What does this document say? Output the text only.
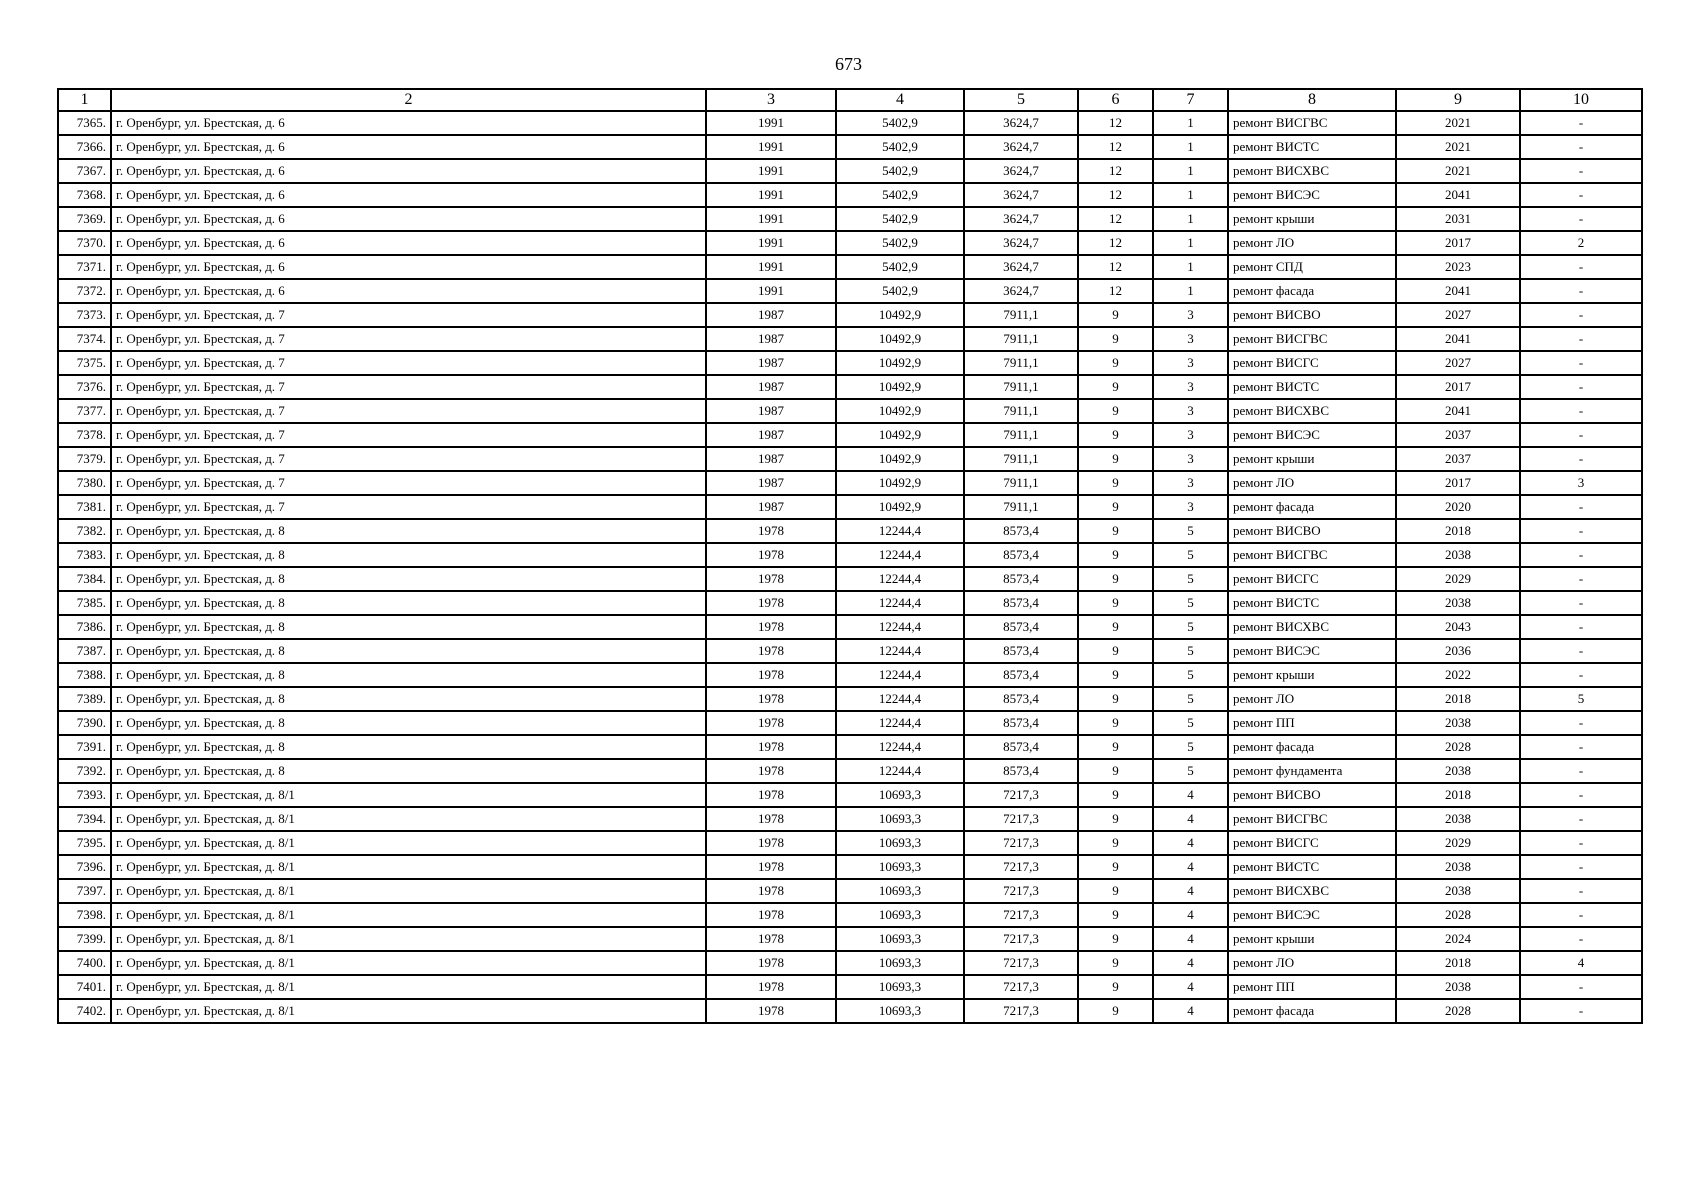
673
1	2	3	4	5	6	7	8	9	10
7365.	г. Оренбург, ул. Брестская, д. 6	1991	5402,9	3624,7	12	1	ремонт ВИСГВС	2021	-
7366.	г. Оренбург, ул. Брестская, д. 6	1991	5402,9	3624,7	12	1	ремонт ВИСТС	2021	-
7367.	г. Оренбург, ул. Брестская, д. 6	1991	5402,9	3624,7	12	1	ремонт ВИСХВС	2021	-
7368.	г. Оренбург, ул. Брестская, д. 6	1991	5402,9	3624,7	12	1	ремонт ВИСЭС	2041	-
7369.	г. Оренбург, ул. Брестская, д. 6	1991	5402,9	3624,7	12	1	ремонт крыши	2031	-
7370.	г. Оренбург, ул. Брестская, д. 6	1991	5402,9	3624,7	12	1	ремонт ЛО	2017	2
7371.	г. Оренбург, ул. Брестская, д. 6	1991	5402,9	3624,7	12	1	ремонт СПД	2023	-
7372.	г. Оренбург, ул. Брестская, д. 6	1991	5402,9	3624,7	12	1	ремонт фасада	2041	-
7373.	г. Оренбург, ул. Брестская, д. 7	1987	10492,9	7911,1	9	3	ремонт ВИСВО	2027	-
7374.	г. Оренбург, ул. Брестская, д. 7	1987	10492,9	7911,1	9	3	ремонт ВИСГВС	2041	-
7375.	г. Оренбург, ул. Брестская, д. 7	1987	10492,9	7911,1	9	3	ремонт ВИСГС	2027	-
7376.	г. Оренбург, ул. Брестская, д. 7	1987	10492,9	7911,1	9	3	ремонт ВИСТС	2017	-
7377.	г. Оренбург, ул. Брестская, д. 7	1987	10492,9	7911,1	9	3	ремонт ВИСХВС	2041	-
7378.	г. Оренбург, ул. Брестская, д. 7	1987	10492,9	7911,1	9	3	ремонт ВИСЭС	2037	-
7379.	г. Оренбург, ул. Брестская, д. 7	1987	10492,9	7911,1	9	3	ремонт крыши	2037	-
7380.	г. Оренбург, ул. Брестская, д. 7	1987	10492,9	7911,1	9	3	ремонт ЛО	2017	3
7381.	г. Оренбург, ул. Брестская, д. 7	1987	10492,9	7911,1	9	3	ремонт фасада	2020	-
7382.	г. Оренбург, ул. Брестская, д. 8	1978	12244,4	8573,4	9	5	ремонт ВИСВО	2018	-
7383.	г. Оренбург, ул. Брестская, д. 8	1978	12244,4	8573,4	9	5	ремонт ВИСГВС	2038	-
7384.	г. Оренбург, ул. Брестская, д. 8	1978	12244,4	8573,4	9	5	ремонт ВИСГС	2029	-
7385.	г. Оренбург, ул. Брестская, д. 8	1978	12244,4	8573,4	9	5	ремонт ВИСТС	2038	-
7386.	г. Оренбург, ул. Брестская, д. 8	1978	12244,4	8573,4	9	5	ремонт ВИСХВС	2043	-
7387.	г. Оренбург, ул. Брестская, д. 8	1978	12244,4	8573,4	9	5	ремонт ВИСЭС	2036	-
7388.	г. Оренбург, ул. Брестская, д. 8	1978	12244,4	8573,4	9	5	ремонт крыши	2022	-
7389.	г. Оренбург, ул. Брестская, д. 8	1978	12244,4	8573,4	9	5	ремонт ЛО	2018	5
7390.	г. Оренбург, ул. Брестская, д. 8	1978	12244,4	8573,4	9	5	ремонт ПП	2038	-
7391.	г. Оренбург, ул. Брестская, д. 8	1978	12244,4	8573,4	9	5	ремонт фасада	2028	-
7392.	г. Оренбург, ул. Брестская, д. 8	1978	12244,4	8573,4	9	5	ремонт фундамента	2038	-
7393.	г. Оренбург, ул. Брестская, д. 8/1	1978	10693,3	7217,3	9	4	ремонт ВИСВО	2018	-
7394.	г. Оренбург, ул. Брестская, д. 8/1	1978	10693,3	7217,3	9	4	ремонт ВИСГВС	2038	-
7395.	г. Оренбург, ул. Брестская, д. 8/1	1978	10693,3	7217,3	9	4	ремонт ВИСГС	2029	-
7396.	г. Оренбург, ул. Брестская, д. 8/1	1978	10693,3	7217,3	9	4	ремонт ВИСТС	2038	-
7397.	г. Оренбург, ул. Брестская, д. 8/1	1978	10693,3	7217,3	9	4	ремонт ВИСХВС	2038	-
7398.	г. Оренбург, ул. Брестская, д. 8/1	1978	10693,3	7217,3	9	4	ремонт ВИСЭС	2028	-
7399.	г. Оренбург, ул. Брестская, д. 8/1	1978	10693,3	7217,3	9	4	ремонт крыши	2024	-
7400.	г. Оренбург, ул. Брестская, д. 8/1	1978	10693,3	7217,3	9	4	ремонт ЛО	2018	4
7401.	г. Оренбург, ул. Брестская, д. 8/1	1978	10693,3	7217,3	9	4	ремонт ПП	2038	-
7402.	г. Оренбург, ул. Брестская, д. 8/1	1978	10693,3	7217,3	9	4	ремонт фасада	2028	-
